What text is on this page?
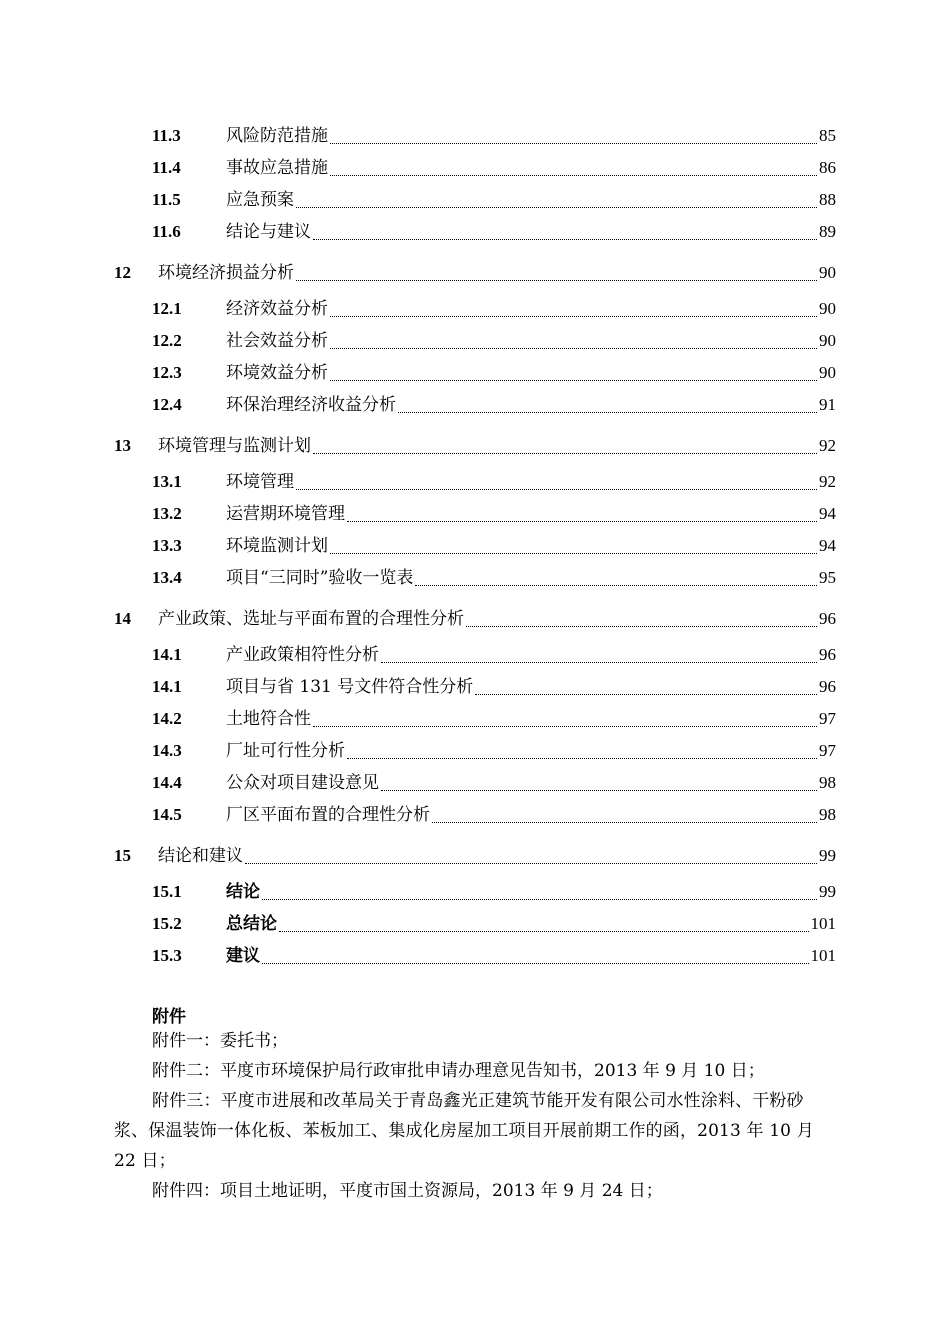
11.3	风险防范措施	85
11.4	事故应急措施	86
11.5	应急预案	88
11.6	结论与建议	89
12 环境经济损益分析	90
12.1	经济效益分析	90
12.2	社会效益分析	90
12.3	环境效益分析	90
12.4	环保治理经济收益分析	91
13 环境管理与监测计划	92
13.1	环境管理	92
13.2	运营期环境管理	94
13.3	环境监测计划	94
13.4	项目“三同时”验收一览表	95
14 产业政策、选址与平面布置的合理性分析	96
14.1	产业政策相符性分析	96
14.1	项目与省 131 号文件符合性分析	96
14.2	土地符合性	97
14.3	厂址可行性分析	97
14.4	公众对项目建设意见	98
14.5	厂区平面布置的合理性分析	98
15 结论和建议	99
15.1	结论	99
15.2	总结论	101
15.3	建议	101
附件
附件一：委托书；
附件二：平度市环境保护局行政审批申请办理意见告知书，2013 年 9 月 10 日；
附件三：平度市进展和改革局关于青岛鑫光正建筑节能开发有限公司水性涂料、干粉砂浆、保温装饰一体化板、苯板加工、集成化房屋加工项目开展前期工作的函，2013 年 10 月 22 日；
附件四：项目土地证明，平度市国土资源局，2013 年 9 月 24 日；
